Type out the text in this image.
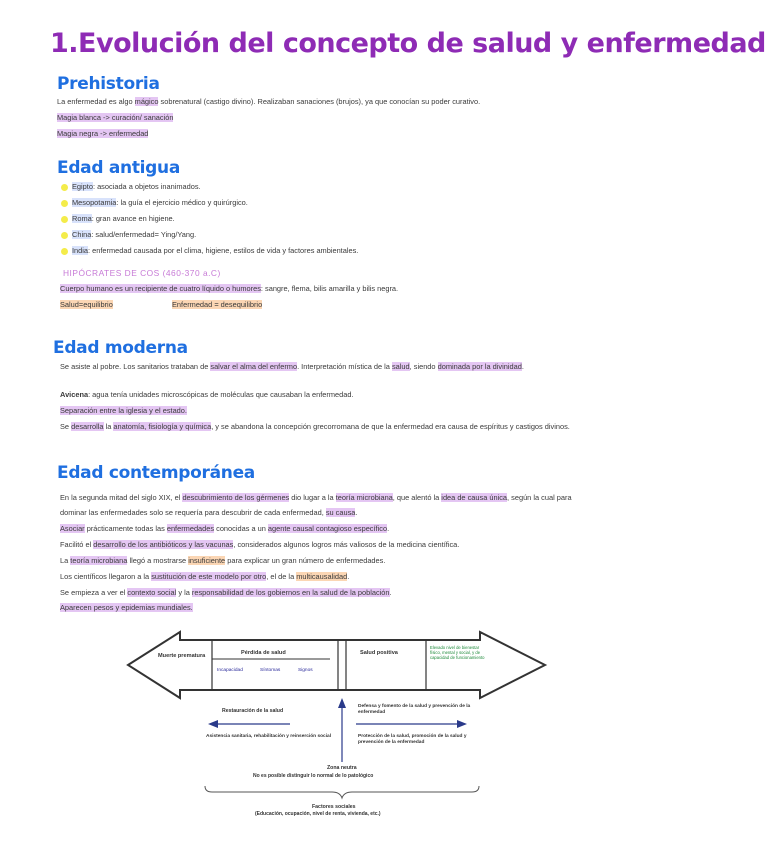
1.Evolución del concepto de salud y enfermedad
Prehistoria
La enfermedad es algo mágico sobrenatural (castigo divino). Realizaban sanaciones (brujos), ya que conocían su poder curativo.
Magia blanca -> curación/ sanación
Magia negra -> enfermedad
Edad antigua
Egipto: asociada a objetos inanimados.
Mesopotamia: la guía el ejercicio médico y quirúrgico.
Roma: gran avance en higiene.
China: salud/enfermedad= Ying/Yang.
India: enfermedad causada por el clima, higiene, estilos de vida y factores ambientales.
HIPÓCRATES DE COS (460-370 a.C)
Cuerpo humano es un recipiente de cuatro líquido o humores: sangre, flema, bilis amarilla y bilis negra.
Salud=equilibrio	Enfermedad = desequilibrio
Edad moderna
Se asiste al pobre. Los sanitarios trataban de salvar el alma del enfermo. Interpretación mística de la salud, siendo dominada por la divinidad.
Avicena: agua tenía unidades microscópicas de moléculas que causaban la enfermedad.
Separación entre la iglesia y el estado.
Se desarrolla la anatomía, fisiología y química, y se abandona la concepción grecorromana de que la enfermedad era causa de espíritus y castigos divinos.
Edad contemporánea
En la segunda mitad del siglo XIX, el descubrimiento de los gérmenes dio lugar a la teoría microbiana, que alentó la idea de causa única, según la cual para
dominar las enfermedades solo se requería para descubrir de cada enfermedad, su causa.
Asociar prácticamente todas las enfermedades conocidas a un agente causal contagioso específico.
Facilitó el desarrollo de los antibióticos y las vacunas, considerados algunos logros más valiosos de la medicina científica.
La teoría microbiana llegó a mostrarse insuficiente para explicar un gran número de enfermedades.
Los científicos llegaron a la sustitución de este modelo por otro, el de la multicausalidad.
Se empieza a ver el contexto social y la responsabilidad de los gobiernos en la salud de la población.
Aparecen pesos y epidemias mundiales.
Muerte prematura	Pérdida de salud
Incapacidad	Síntomas	Signos
Salud positiva
Elevado nivel de bienestar físico, mental y social, y de capacidad de funcionamiento
Restauración de la salud
Asistencia sanitaria, rehabilitación y reinserción social
Defensa y fomento de la salud y prevención de la enfermedad
Protección de la salud, promoción de la salud y prevención de la enfermedad
Zona neutra
No es posible distinguir lo normal de lo patológico
Factores sociales
(Educación, ocupación, nivel de renta, vivienda, etc.)
